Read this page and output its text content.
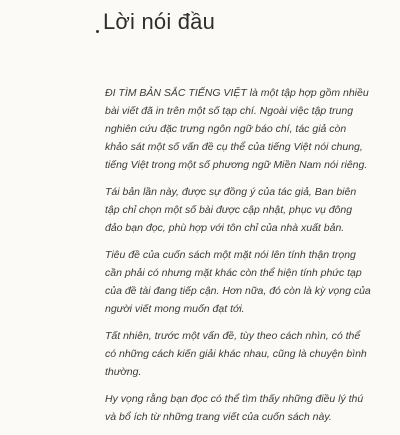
Lời nói đầu

ĐI TÌM BẢN SẮC TIẾNG VIỆT là một tập hợp gồm nhiều
bài viết đã in trên một số tạp chí. Ngoài việc tập trung
nghiên cứu đặc trưng ngôn ngữ báo chí, tác giả còn
khảo sát một số vấn đề cụ thể của tiếng Việt nói chung,
tiếng Việt trong một số phương ngữ Miền Nam nói riêng.

Tái bản lần này, được sự đồng ý của tác giả, Ban biên
tập chỉ chọn một số bài được cập nhật, phục vụ đông
đảo bạn đọc, phù hợp với tôn chỉ của nhà xuất bản.

Tiêu đề của cuốn sách một mặt nói lên tính thận trọng
cần phải có nhưng mặt khác còn thể hiện tính phức tạp
của đề tài đang tiếp cận. Hơn nữa, đó còn là kỳ vọng của
người viết mong muốn đạt tới.

Tất nhiên, trước một vấn đề, tùy theo cách nhìn, có thể
có những cách kiến giải khác nhau, cũng là chuyện bình
thường.

Hy vọng rằng bạn đọc có thể tìm thấy những điều lý thú
và bổ ích từ những trang viết của cuốn sách này.
